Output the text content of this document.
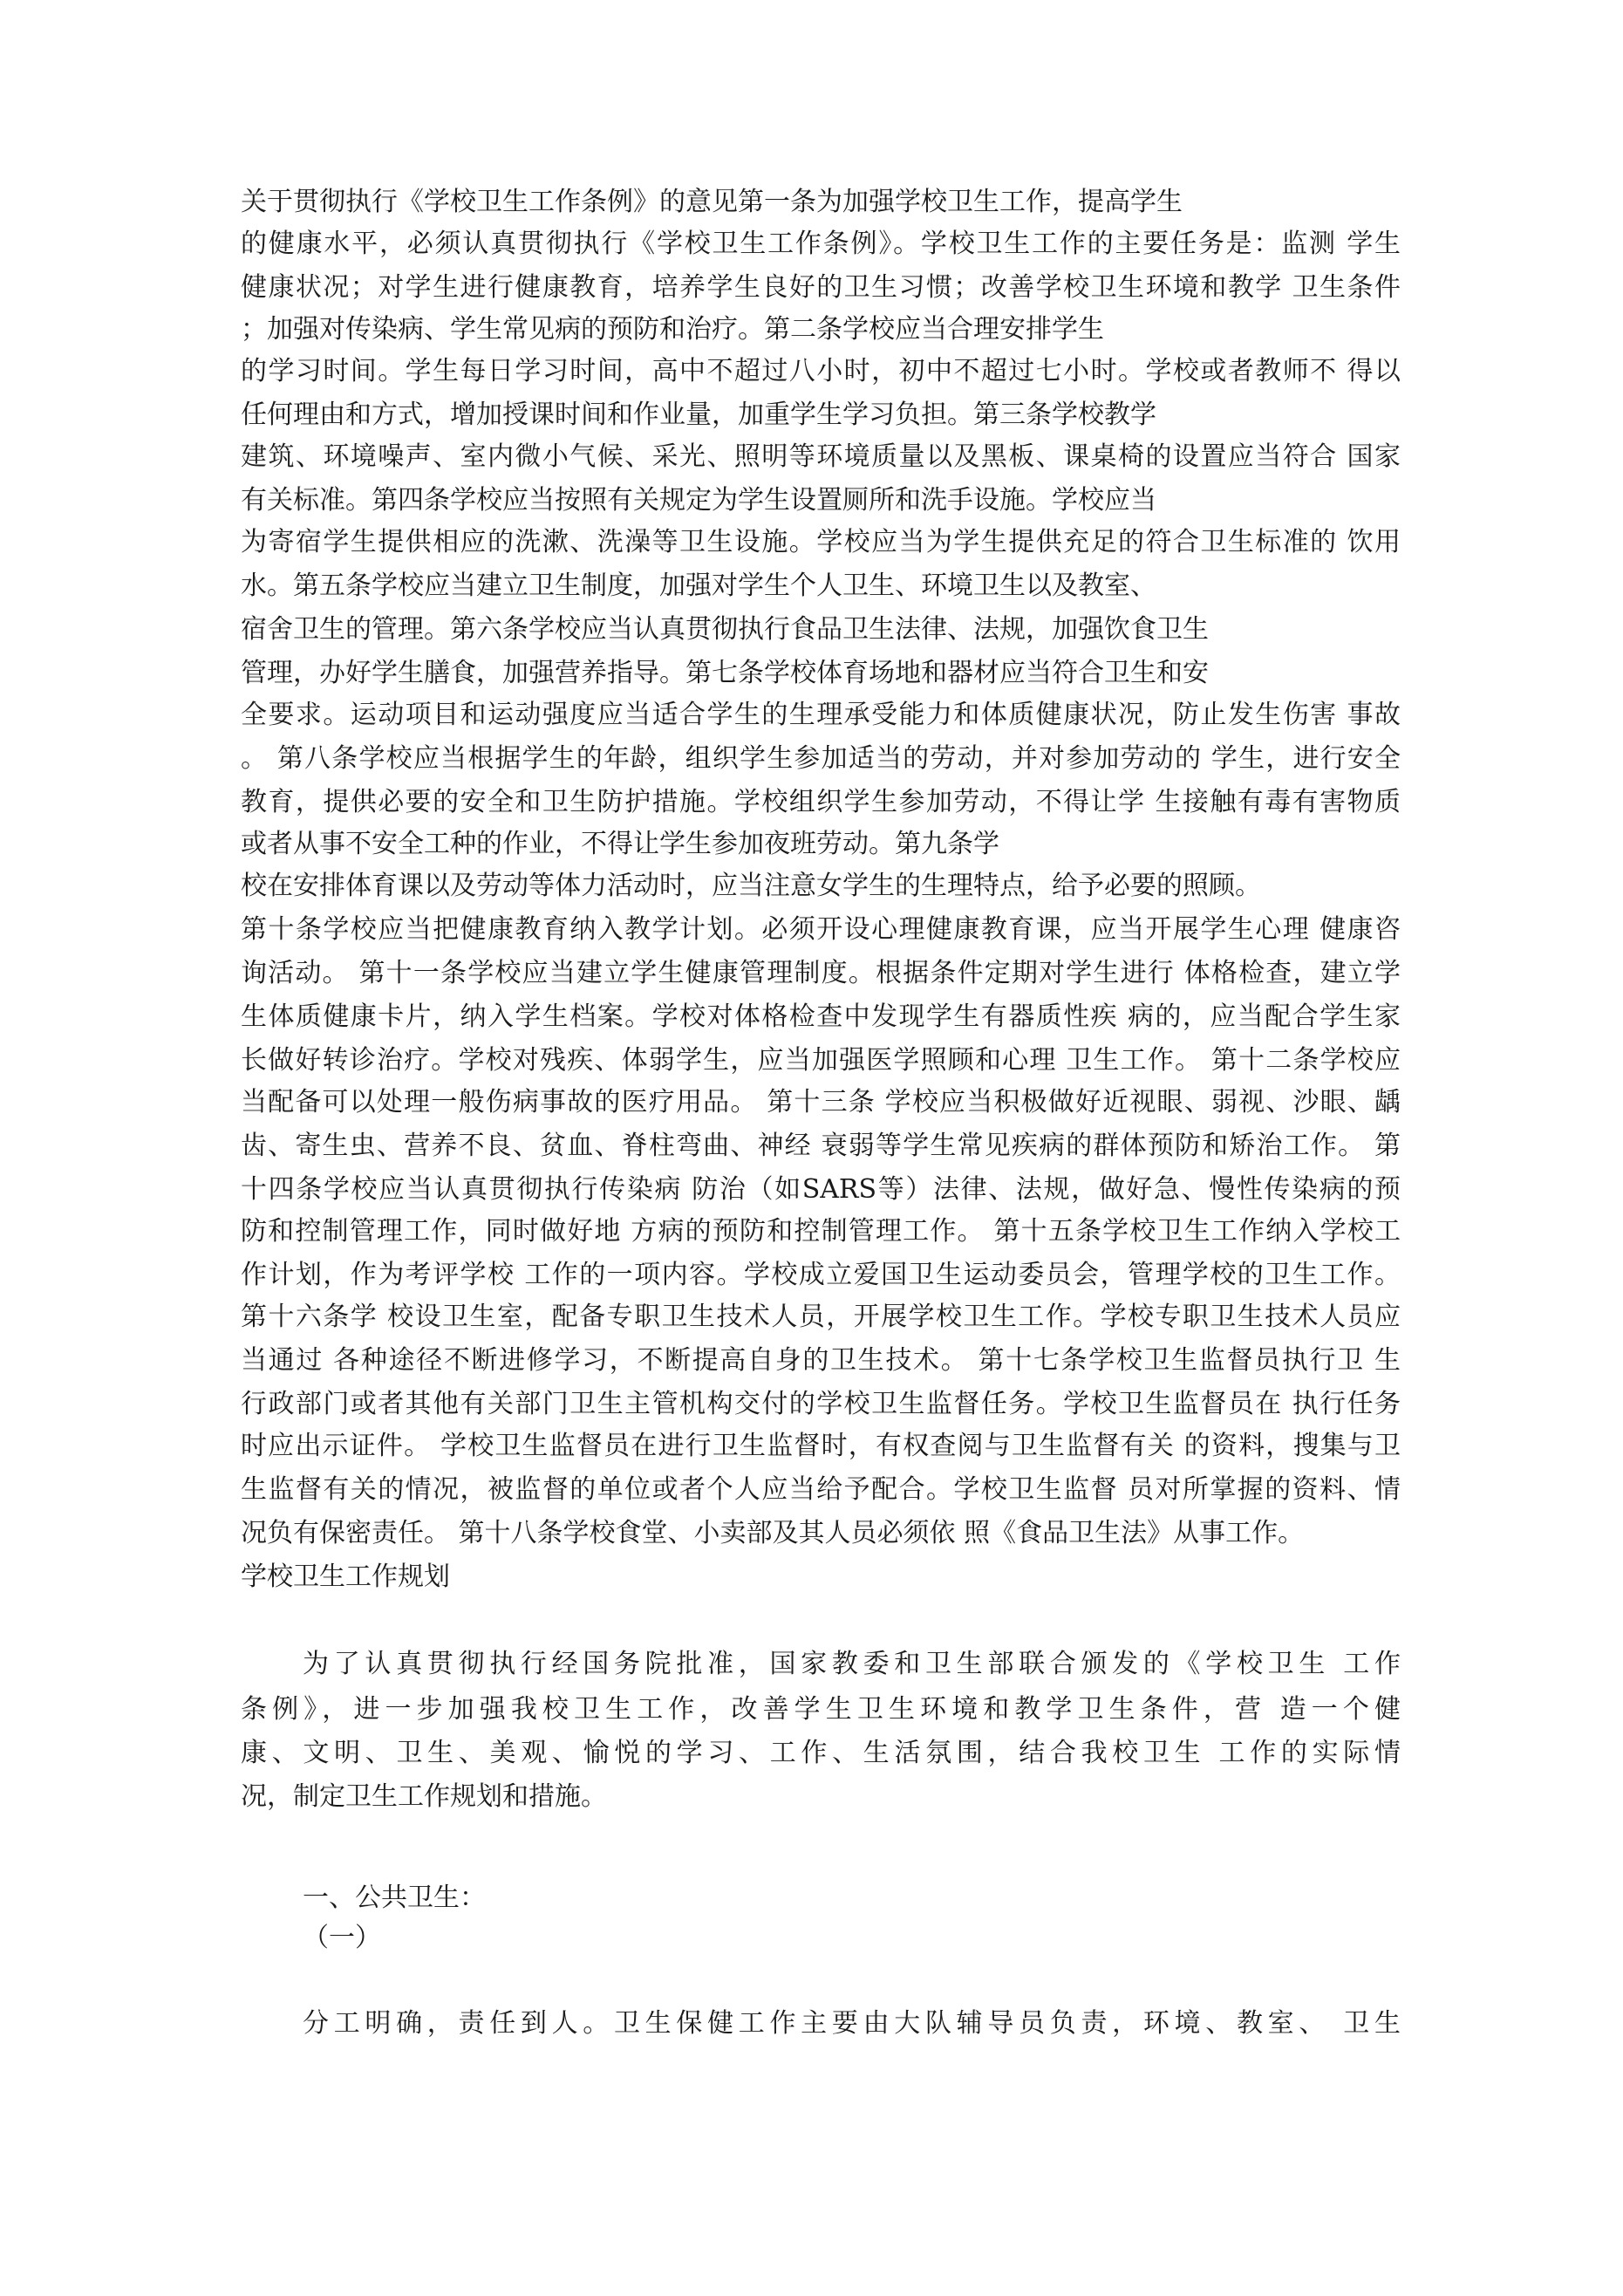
关于贯彻执行《学校卫生工作条例》的意见第一条为加强学校卫生工作，提高学生

的健康水平，必须认真贯彻执行《学校卫生工作条例》。学校卫生工作的主要任务是：监测 学生

健康状况；对学生进行健康教育，培养学生良好的卫生习惯；改善学校卫生环境和教学 卫生条件

；加强对传染病、学生常见病的预防和治疗。第二条学校应当合理安排学生

的学习时间。学生每日学习时间，高中不超过八小时，初中不超过七小时。学校或者教师不 得以

任何理由和方式，增加授课时间和作业量，加重学生学习负担。第三条学校教学

建筑、环境噪声、室内微小气候、采光、照明等环境质量以及黑板、课桌椅的设置应当符合 国家

有关标准。第四条学校应当按照有关规定为学生设置厕所和洗手设施。学校应当

为寄宿学生提供相应的洗漱、洗澡等卫生设施。学校应当为学生提供充足的符合卫生标准的 饮用

水。第五条学校应当建立卫生制度，加强对学生个人卫生、环境卫生以及教室、

宿舍卫生的管理。第六条学校应当认真贯彻执行食品卫生法律、法规，加强饮食卫生

管理，办好学生膳食，加强营养指导。第七条学校体育场地和器材应当符合卫生和安

全要求。运动项目和运动强度应当适合学生的生理承受能力和体质健康状况，防止发生伤害 事故

。 第八条学校应当根据学生的年龄，组织学生参加适当的劳动，并对参加劳动的 学生，进行安全

教育，提供必要的安全和卫生防护措施。学校组织学生参加劳动，不得让学 生接触有毒有害物质

或者从事不安全工种的作业，不得让学生参加夜班劳动。第九条学

校在安排体育课以及劳动等体力活动时，应当注意女学生的生理特点，给予必要的照顾。

第十条学校应当把健康教育纳入教学计划。必须开设心理健康教育课，应当开展学生心理 健康咨

询活动。 第十一条学校应当建立学生健康管理制度。根据条件定期对学生进行 体格检查，建立学

生体质健康卡片，纳入学生档案。学校对体格检查中发现学生有器质性疾 病的，应当配合学生家

长做好转诊治疗。学校对残疾、体弱学生，应当加强医学照顾和心理 卫生工作。 第十二条学校应

当配备可以处理一般伤病事故的医疗用品。 第十三条 学校应当积极做好近视眼、弱视、沙眼、龋

齿、寄生虫、营养不良、贫血、脊柱弯曲、神经 衰弱等学生常见疾病的群体预防和矫治工作。 第

十四条学校应当认真贯彻执行传染病 防治（如SARS等）法律、法规，做好急、慢性传染病的预

防和控制管理工作，同时做好地 方病的预防和控制管理工作。 第十五条学校卫生工作纳入学校工

作计划，作为考评学校 工作的一项内容。学校成立爱国卫生运动委员会，管理学校的卫生工作。

第十六条学 校设卫生室，配备专职卫生技术人员，开展学校卫生工作。学校专职卫生技术人员应

当通过 各种途径不断进修学习，不断提高自身的卫生技术。 第十七条学校卫生监督员执行卫 生

行政部门或者其他有关部门卫生主管机构交付的学校卫生监督任务。学校卫生监督员在 执行任务

时应出示证件。 学校卫生监督员在进行卫生监督时，有权查阅与卫生监督有关 的资料，搜集与卫

生监督有关的情况，被监督的单位或者个人应当给予配合。学校卫生监督 员对所掌握的资料、情

况负有保密责任。 第十八条学校食堂、小卖部及其人员必须依 照《食品卫生法》从事工作。

学校卫生工作规划

为了认真贯彻执行经国务院批准，国家教委和卫生部联合颁发的《学校卫生 工作

条例》，进一步加强我校卫生工作，改善学生卫生环境和教学卫生条件，营 造一个健

康、文明、卫生、美观、愉悦的学习、工作、生活氛围，结合我校卫生 工作的实际情

况，制定卫生工作规划和措施。

一、公共卫生：

（一）

分工明确，责任到人。卫生保健工作主要由大队辅导员负责，环境、教室、 卫生
